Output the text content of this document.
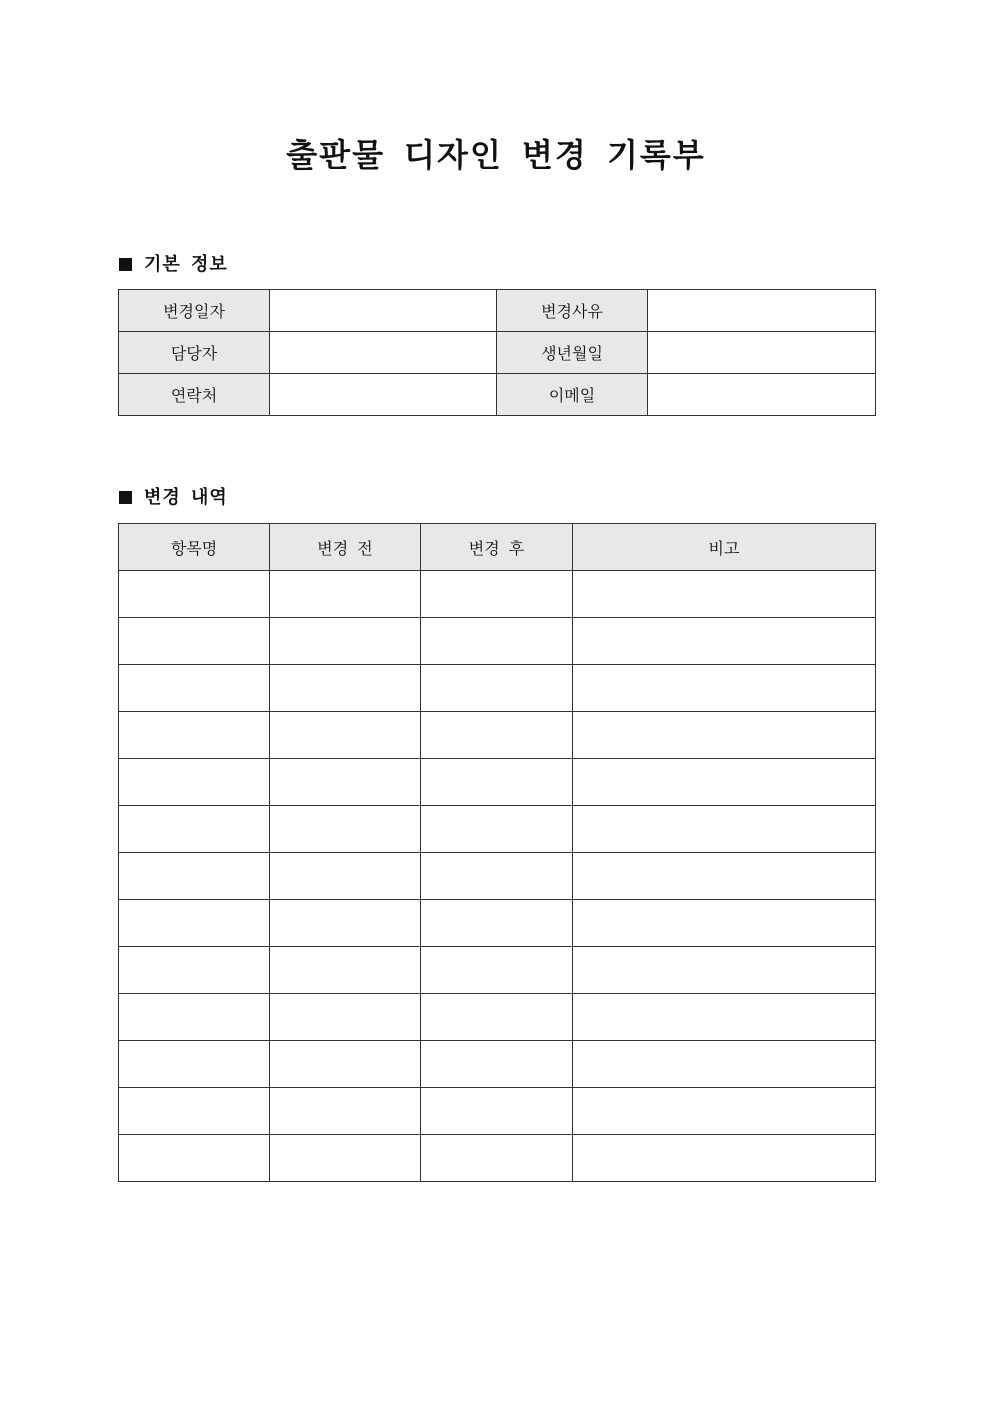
출판물 디자인 변경 기록부
기본 정보
변경일자		변경사유	
담당자		생년월일	
연락처		이메일	
변경 내역
항목명	변경 전	변경 후	비고
